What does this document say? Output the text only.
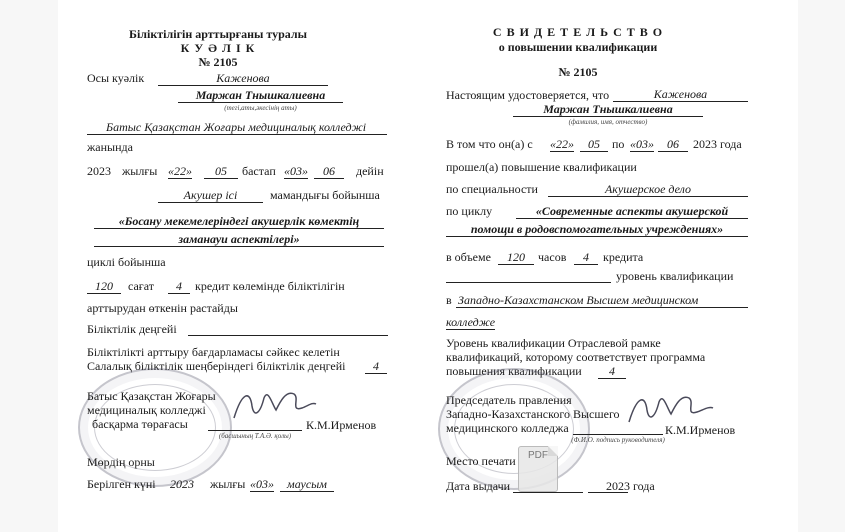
Біліктілігін арттырғаны туралы
К У Ә Л І К
№ 2105
Осы куәлік	Каженова
Маржан Тнышкалиевна
(тегі,аты,әкесінің аты)
Батыс Қазақстан Жоғары медициналық колледжі
жанында
2023 жылғы «22»	05	бастап «03»	06	дейін
Акушер ісі	мамандығы бойынша
«Босану мекемелеріндегі акушерлік көмектің
заманауи аспектілері»
циклі бойынша
120	сағат	4	кредит көлемінде біліктілігін
арттырудан өткенін растайды
Біліктілік деңгейі
Біліктілікті арттыру бағдарламасы сәйкес келетін
Салалық біліктілік шеңберіндегі біліктілік деңгейі	4
Батыс Қазақстан Жоғары
медициналық колледжі
басқарма төрағасы
(басшының Т.А.Ә. қолы)
К.М.Ирменов
Мөрдің орны
Берілген күні 2023 жылғы «03»	маусым
С В И Д Е Т Е Л Ь С Т В О
о повышении квалификации
№ 2105
Настоящим удостоверяется, что	Каженова
Маржан Тнышкалиевна
(фамилия, имя, отчество)
В том что он(а) с «22»	05	по «03»	06	2023 года
прошел(а) повышение квалификации
по специальности	Акушерское дело
по циклу	«Современные аспекты акушерской
помощи в родовспомогательных учреждениях»
в объеме	120	часов	4	кредита
уровень квалификации
в Западно-Казахстанском Высшем медицинском
колледже
Уровень квалификации Отраслевой рамке
квалификаций, которому соответствует программа
повышения квалификации	4
Председатель правления
Западно-Казахстанского Высшего
медицинского колледжа
(Ф.И.О. подпись руководителя)
К.М.Ирменов
Место печати
Дата выдачи	2023 года
PDF
